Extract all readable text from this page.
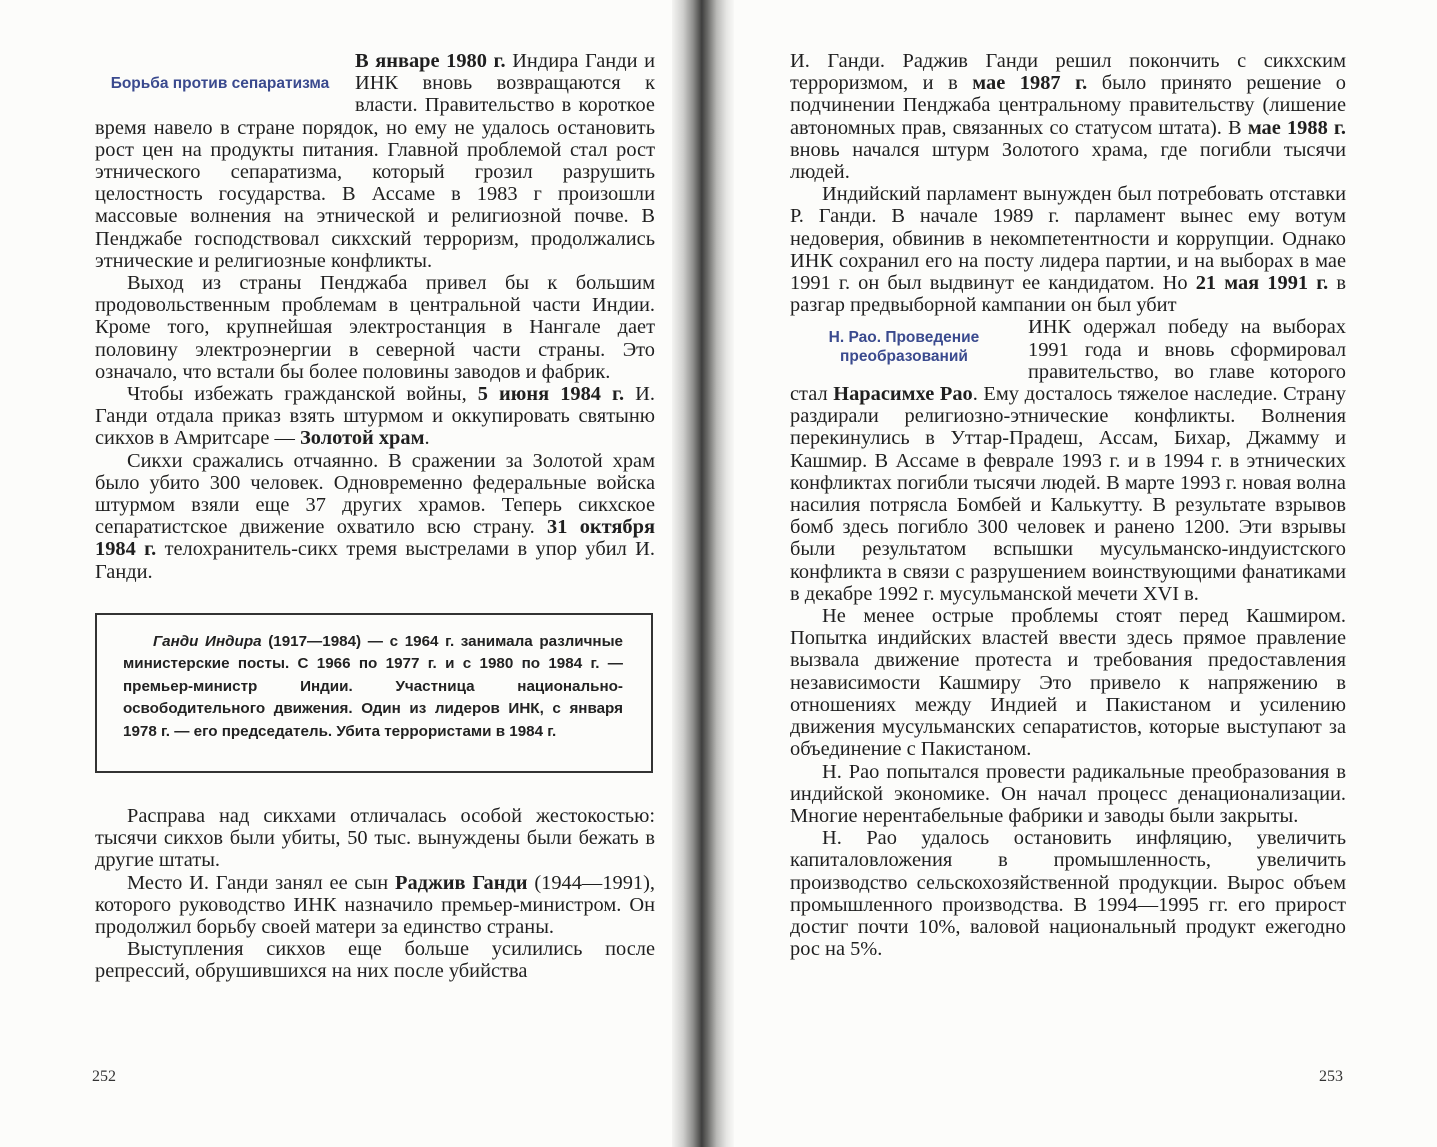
Борьба против сепаратизма

В январе 1980 г. Индира Ганди и ИНК вновь возвращаются к власти. Правительство в короткое время навело в стране порядок, но ему не удалось остановить рост цен на продукты питания. Главной проблемой стал рост этнического сепаратизма, который грозил разрушить целостность государства. В Ассаме в 1983 г произошли массовые волнения на этнической и религиозной почве. В Пенджабе господствовал сикхский терроризм, продолжались этнические и религиозные конфликты.

Выход из страны Пенджаба привел бы к большим продовольственным проблемам в центральной части Индии. Кроме того, крупнейшая электростанция в Нангале дает половину электроэнергии в северной части страны. Это означало, что встали бы более половины заводов и фабрик.

Чтобы избежать гражданской войны, 5 июня 1984 г. И. Ганди отдала приказ взять штурмом и оккупировать святыню сикхов в Амритсаре — Золотой храм.

Сикхи сражались отчаянно. В сражении за Золотой храм было убито 300 человек. Одновременно федеральные войска штурмом взяли еще 37 других храмов. Теперь сикхское сепаратистское движение охватило всю страну. 31 октября 1984 г. телохранитель-сикх тремя выстрелами в упор убил И. Ганди.

Ганди Индира (1917—1984) — с 1964 г. занимала различные министерские посты. С 1966 по 1977 г. и с 1980 по 1984 г. — премьер-министр Индии. Участница национально-освободительного движения. Один из лидеров ИНК, с января 1978 г. — его председатель. Убита террористами в 1984 г.

Расправа над сикхами отличалась особой жестокостью: тысячи сикхов были убиты, 50 тыс. вынуждены были бежать в другие штаты.

Место И. Ганди занял ее сын Раджив Ганди (1944—1991), которого руководство ИНК назначило премьер-министром. Он продолжил борьбу своей матери за единство страны.

Выступления сикхов еще больше усилились после репрессий, обрушившихся на них после убийства

252

И. Ганди. Раджив Ганди решил покончить с сикхским терроризмом, и в мае 1987 г. было принято решение о подчинении Пенджаба центральному правительству (лишение автономных прав, связанных со статусом штата). В мае 1988 г. вновь начался штурм Золотого храма, где погибли тысячи людей.

Индийский парламент вынужден был потребовать отставки Р. Ганди. В начале 1989 г. парламент вынес ему вотум недоверия, обвинив в некомпетентности и коррупции. Однако ИНК сохранил его на посту лидера партии, и на выборах в мае 1991 г. он был выдвинут ее кандидатом. Но 21 мая 1991 г. в разгар предвыборной кампании он был убит

Н. Рао. Проведение преобразований

ИНК одержал победу на выборах 1991 года и вновь сформировал правительство, во главе которого стал Нарасимхе Рао. Ему досталось тяжелое наследие. Страну раздирали религиозно-этнические конфликты. Волнения перекинулись в Уттар-Прадеш, Ассам, Бихар, Джамму и Кашмир. В Ассаме в феврале 1993 г. и в 1994 г. в этнических конфликтах погибли тысячи людей. В марте 1993 г. новая волна насилия потрясла Бомбей и Калькутту. В результате взрывов бомб здесь погибло 300 человек и ранено 1200. Эти взрывы были результатом вспышки мусульманско-индуистского конфликта в связи с разрушением воинствующими фанатиками в декабре 1992 г. мусульманской мечети XVI в.

Не менее острые проблемы стоят перед Кашмиром. Попытка индийских властей ввести здесь прямое правление вызвала движение протеста и требования предоставления независимости Кашмиру Это привело к напряжению в отношениях между Индией и Пакистаном и усилению движения мусульманских сепаратистов, которые выступают за объединение с Пакистаном.

Н. Рао попытался провести радикальные преобразования в индийской экономике. Он начал процесс денационализации. Многие нерентабельные фабрики и заводы были закрыты.

Н. Рао удалось остановить инфляцию, увеличить капиталовложения в промышленность, увеличить производство сельскохозяйственной продукции. Вырос объем промышленного производства. В 1994—1995 гг. его прирост достиг почти 10%, валовой национальный продукт ежегодно рос на 5%.

253
